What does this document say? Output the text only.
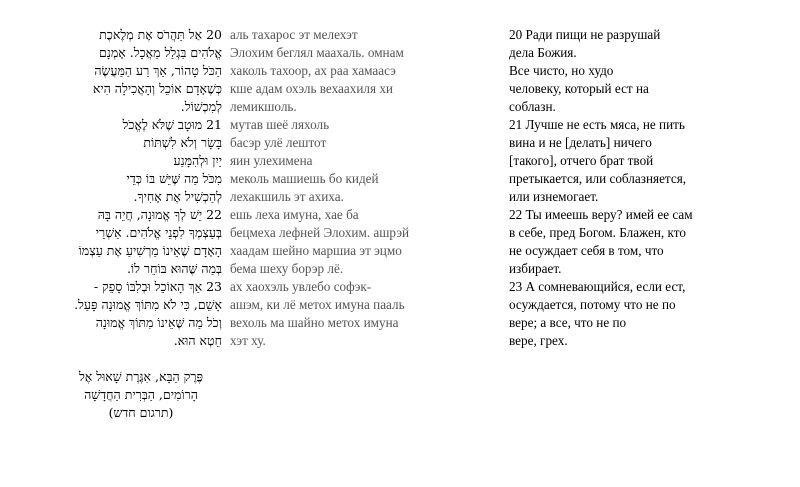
20 אַל תַּהֲרֹס אֶת מְלֶאכֶת
אֱלֹהִים בִּגְלַל מַאֲכָל. אָמְנָם
הַכֹּל טָהוֹר, אַךְ רַע הַמַּעֲשֶׂה
כְּשֶׁאָדָם אוֹכֵל וְהָאֲכִילָה הִיא
לְמִכְשׁוֹל.
21 מוּטָב שֶׁלֹּא לֶאֱכֹל
בָּשָׂר וְלֹא לִשְׁתּוֹת
יַיִן וּלְהִמָּנַע
מִכֹּל מַה שֶּׁיֵּשׁ בּוֹ כְּדֵי
לְהַכְשִׁיל אֶת אָחִיךָ.
22 יֵשׁ לְךָ אֱמוּנָה, חֲיֵה בָּהּ
בְּעַצְמְךָ לִפְנֵי אֱלֹהִים. אַשְׁרֵי
הָאָדָם שֶׁאֵינוֹ מַרְשִׁיעַ אֶת עַצְמוֹ
בְּמַה שֶּׁהוּא בּוֹחֵר לוֹ.
23 אַךְ הָאוֹכֵל וּבְלִבּוֹ סָפֵק -
אָשֵׁם, כִּי לֹא מִתּוֹךְ אֱמוּנָה פָּעַל.
וְכֹל מַה שֶּׁאֵינוֹ מִתּוֹךְ אֱמוּנָה
חֵטְא הוּא.
פֶּרֶק הַבָּא, אִגֶּרֶת שָׁאוּל אֶל
הָרוֹמִים, הַבְּרִית הַחֲדָשָׁה
(תרגום חדש)
аль тахарос эт мелехэт
Элохим беглял маахаль. омнам
хаколь тахоор, ах раа хамаасэ
кше адам охэль вехаахиля хи
лемикшоль.
мутав шеё ляхоль
басэр улё лештот
яин улехимена
меколь машиешь бо кидей
лехакшиль эт ахиха.
ешь леха имуна, хае ба
бецмеха лефней Элохим. ашрэй
хаадам шейно маршиа эт эцмо
бема шеху борэр лё.
ах хаохэль увлебо софэк-
ашэм, ки лё метох имуна пааль
вехоль ма шайно метох имуна
хэт ху.
20 Ради пищи не разрушай
дела Божия.
Все чисто, но худо
человеку, который ест на
соблазн.
21 Лучше не есть мяса, не пить
вина и не [делать] ничего
[такого], отчего брат твой
претыкается, или соблазняется,
или изнемогает.
22 Ты имеешь веру? имей ее сам
в себе, пред Богом. Блажен, кто
не осуждает себя в том, что
избирает.
23 А сомневающийся, если ест,
осуждается, потому что не по
вере; а все, что не по
вере, грех.
